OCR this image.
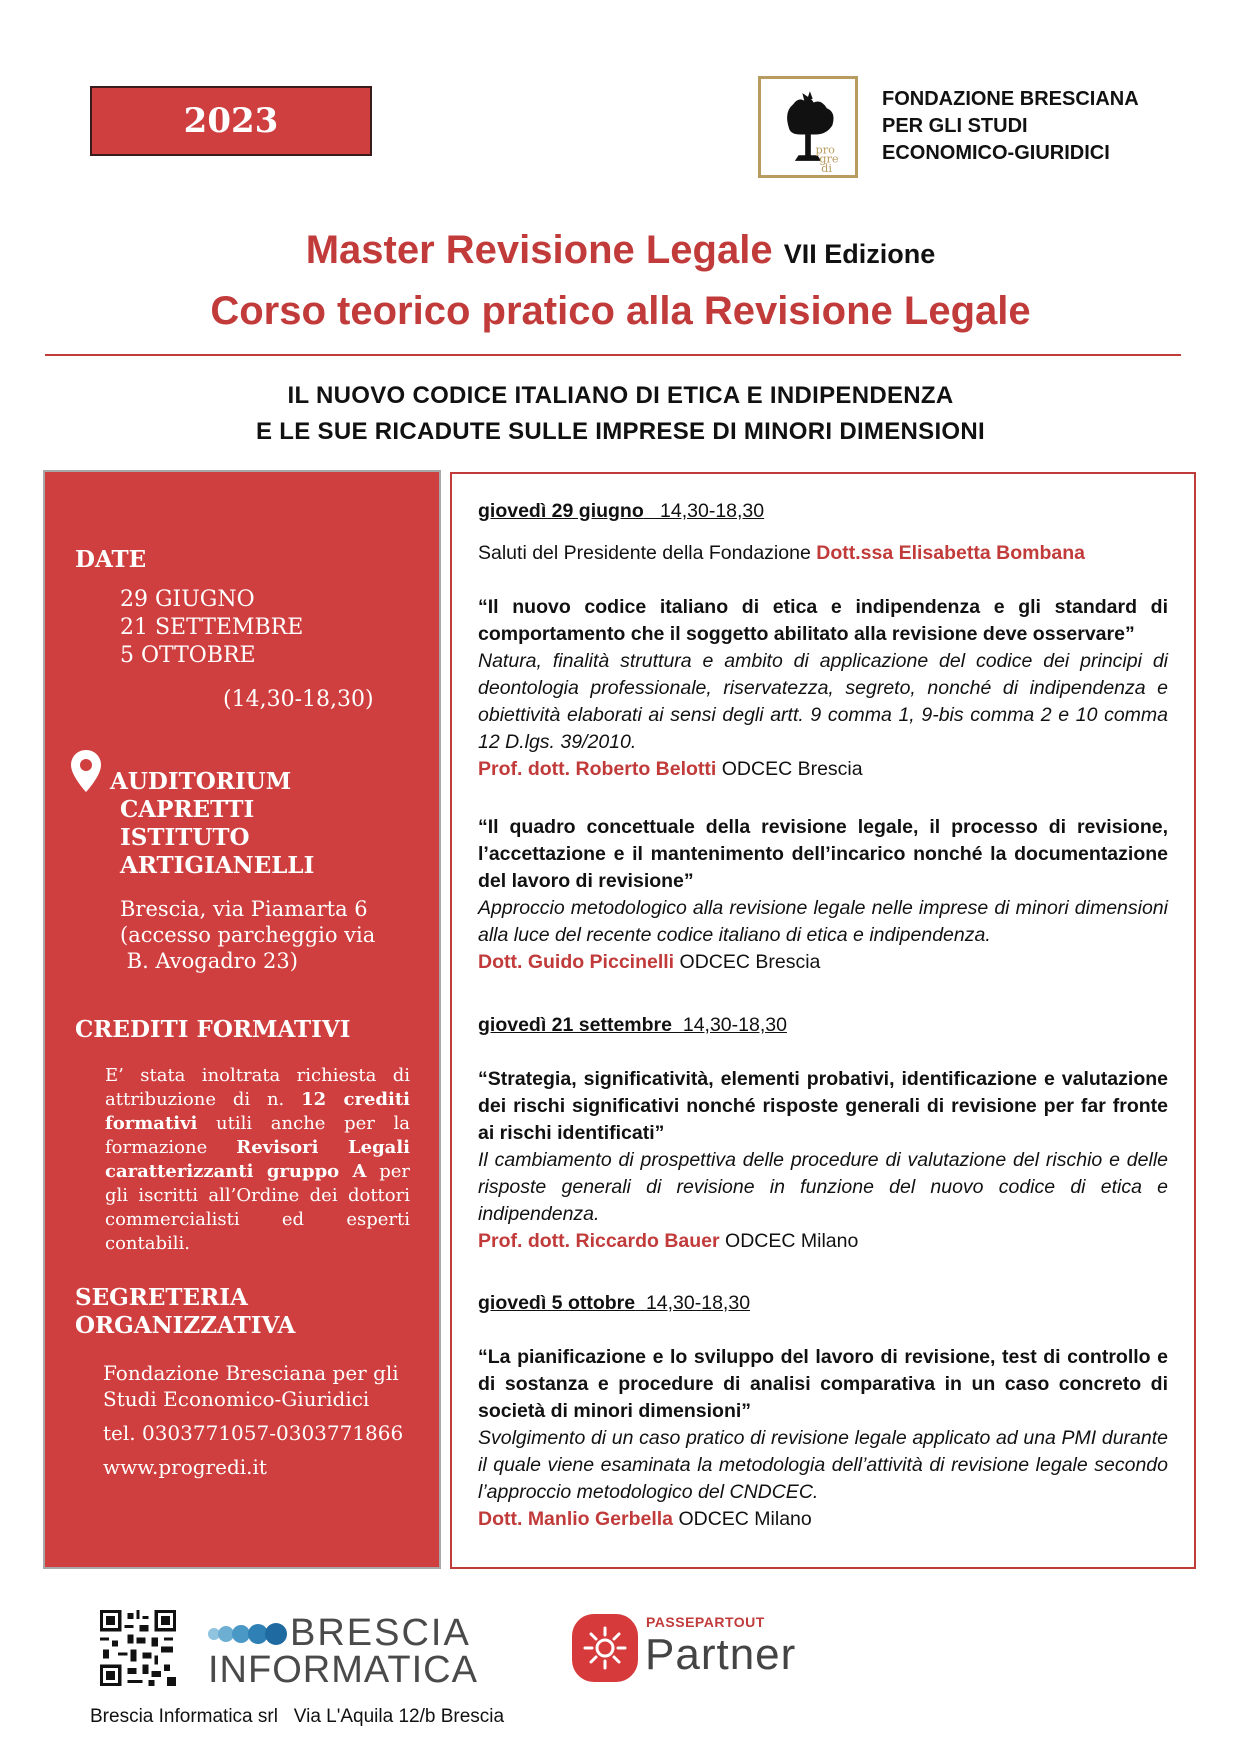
2023
pro
gre
di
FONDAZIONE BRESCIANA
PER GLI STUDI
ECONOMICO-GIURIDICI
Master Revisione Legale VII Edizione
Corso teorico pratico alla Revisione Legale
IL NUOVO CODICE ITALIANO DI ETICA E INDIPENDENZA
E LE SUE RICADUTE SULLE IMPRESE DI MINORI DIMENSIONI
DATE
29 GIUGNO
21 SETTEMBRE
5 OTTOBRE
(14,30-18,30)
AUDITORIUM
CAPRETTI
ISTITUTO
ARTIGIANELLI
Brescia, via Piamarta 6
(accesso parcheggio via
B. Avogadro 23)
CREDITI FORMATIVI
E’ stata inoltrata richiesta di attribuzione di n. 12 crediti formativi utili anche per la formazione Revisori Legali caratterizzanti gruppo A per gli iscritti all’Ordine dei dottori commercialisti ed esperti contabili.
SEGRETERIA
ORGANIZZATIVA
Fondazione Bresciana per gli
Studi Economico-Giuridici
tel. 0303771057-0303771866
www.progredi.it
giovedì 29 giugno 14,30-18,30
Saluti del Presidente della Fondazione Dott.ssa Elisabetta Bombana
“Il nuovo codice italiano di etica e indipendenza e gli standard di comportamento che il soggetto abilitato alla revisione deve osservare”
Natura, finalità struttura e ambito di applicazione del codice dei principi di deontologia professionale, riservatezza, segreto, nonché di indipendenza e obiettività elaborati ai sensi degli artt. 9 comma 1, 9-bis comma 2 e 10 comma 12 D.lgs. 39/2010.
Prof. dott. Roberto Belotti ODCEC Brescia
“Il quadro concettuale della revisione legale, il processo di revisione, l’accettazione e il mantenimento dell’incarico nonché la documentazione del lavoro di revisione”
Approccio metodologico alla revisione legale nelle imprese di minori dimensioni alla luce del recente codice italiano di etica e indipendenza.
Dott. Guido Piccinelli ODCEC Brescia
giovedì 21 settembre 14,30-18,30
“Strategia, significatività, elementi probativi, identificazione e valutazione dei rischi significativi nonché risposte generali di revisione per far fronte ai rischi identificati”
Il cambiamento di prospettiva delle procedure di valutazione del rischio e delle risposte generali di revisione in funzione del nuovo codice di etica e indipendenza.
Prof. dott. Riccardo Bauer ODCEC Milano
giovedì 5 ottobre 14,30-18,30
“La pianificazione e lo sviluppo del lavoro di revisione, test di controllo e di sostanza e procedure di analisi comparativa in un caso concreto di società di minori dimensioni”
Svolgimento di un caso pratico di revisione legale applicato ad una PMI durante il quale viene esaminata la metodologia dell’attività di revisione legale secondo l’approccio metodologico del CNDCEC.
Dott. Manlio Gerbella ODCEC Milano
BRESCIA
INFORMATICA
Brescia Informatica srl   Via L'Aquila 12/b Brescia
PASSEPARTOUT
Partner
